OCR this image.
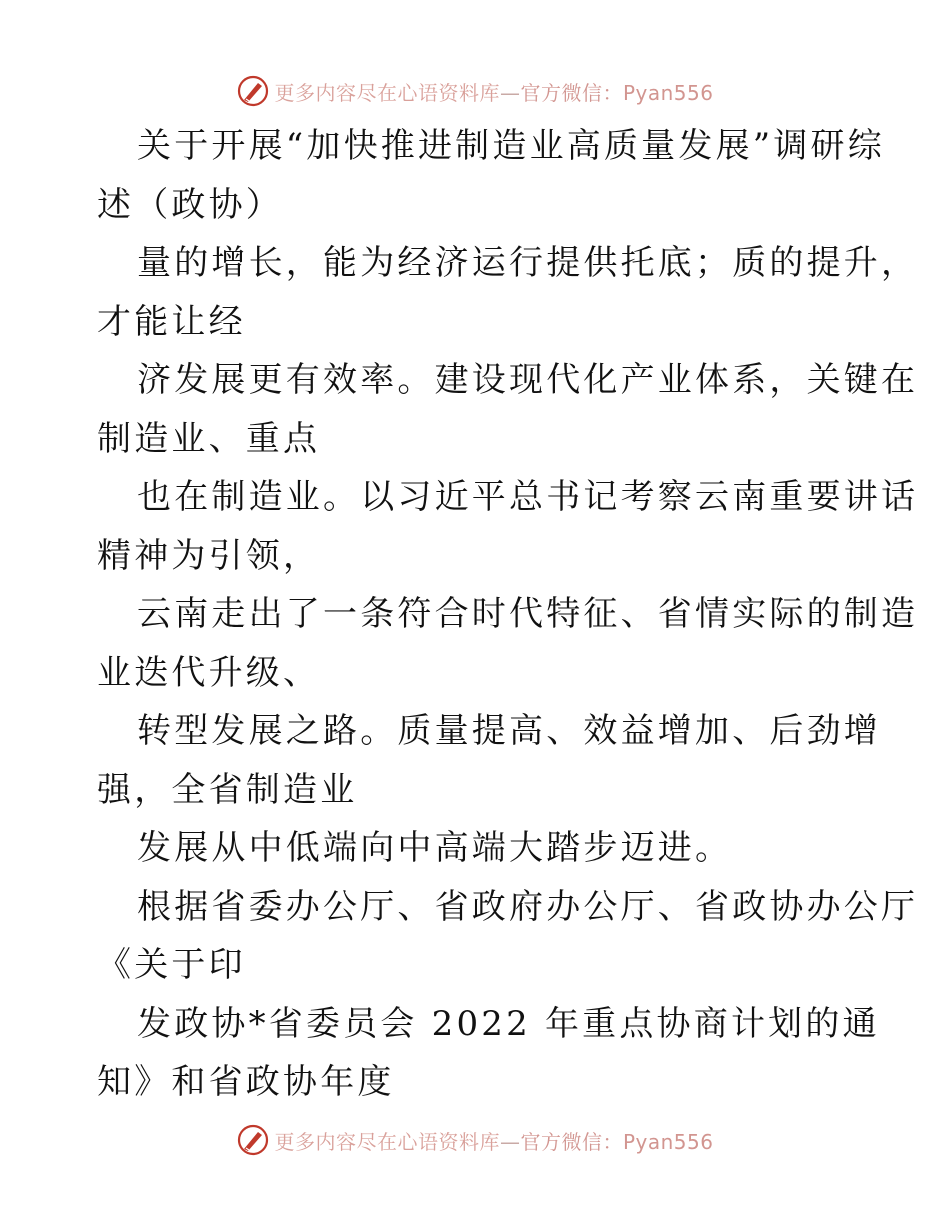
更多内容尽在心语资料库—官方微信：Pyan556
关于开展“加快推进制造业高质量发展”调研综
述（政协）
量的增长，能为经济运行提供托底；质的提升，
才能让经
济发展更有效率。建设现代化产业体系，关键在
制造业、重点
也在制造业。以习近平总书记考察云南重要讲话
精神为引领，
云南走出了一条符合时代特征、省情实际的制造
业迭代升级、
转型发展之路。质量提高、效益增加、后劲增
强，全省制造业
发展从中低端向中高端大踏步迈进。
根据省委办公厅、省政府办公厅、省政协办公厅
《关于印
发政协*省委员会 2022 年重点协商计划的通
知》和省政协年度
更多内容尽在心语资料库—官方微信：Pyan556
